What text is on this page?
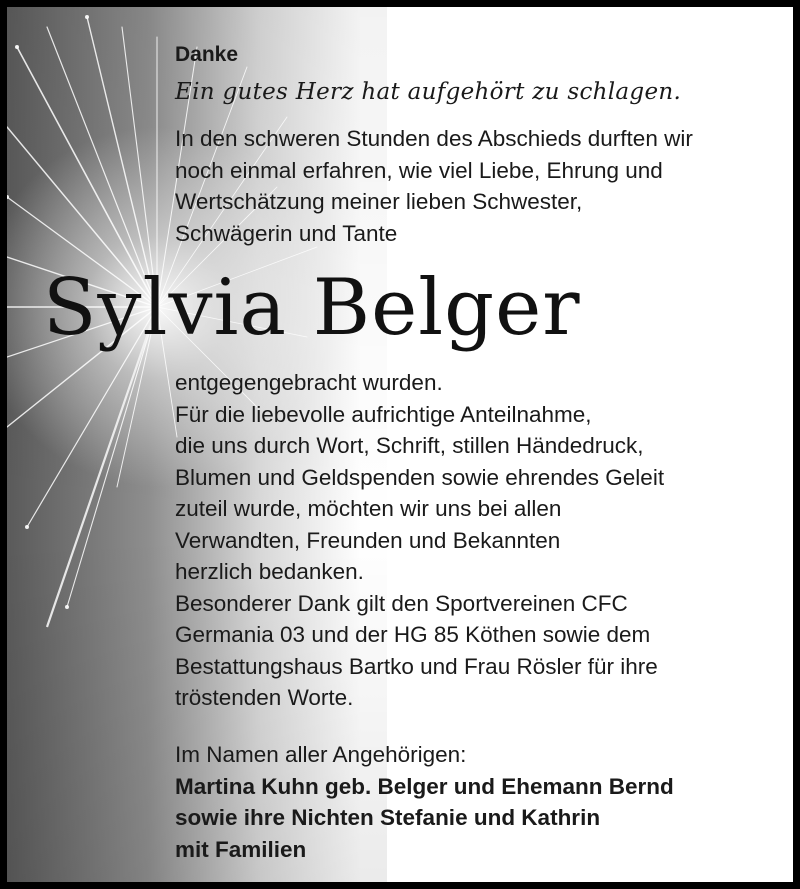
Danke
Ein gutes Herz hat aufgehört zu schlagen.
In den schweren Stunden des Abschieds durften wir
noch einmal erfahren, wie viel Liebe, Ehrung und
Wertschätzung meiner lieben Schwester,
Schwägerin und Tante
Sylvia Belger
entgegengebracht wurden.
Für die liebevolle aufrichtige Anteilnahme,
die uns durch Wort, Schrift, stillen Händedruck,
Blumen und Geldspenden sowie ehrendes Geleit
zuteil wurde, möchten wir uns bei allen
Verwandten, Freunden und Bekannten
herzlich bedanken.
Besonderer Dank gilt den Sportvereinen CFC
Germania 03 und der HG 85 Köthen sowie dem
Bestattungshaus Bartko und Frau Rösler für ihre
tröstenden Worte.
Im Namen aller Angehörigen:
Martina Kuhn geb. Belger und Ehemann Bernd
sowie ihre Nichten Stefanie und Kathrin
mit Familien
